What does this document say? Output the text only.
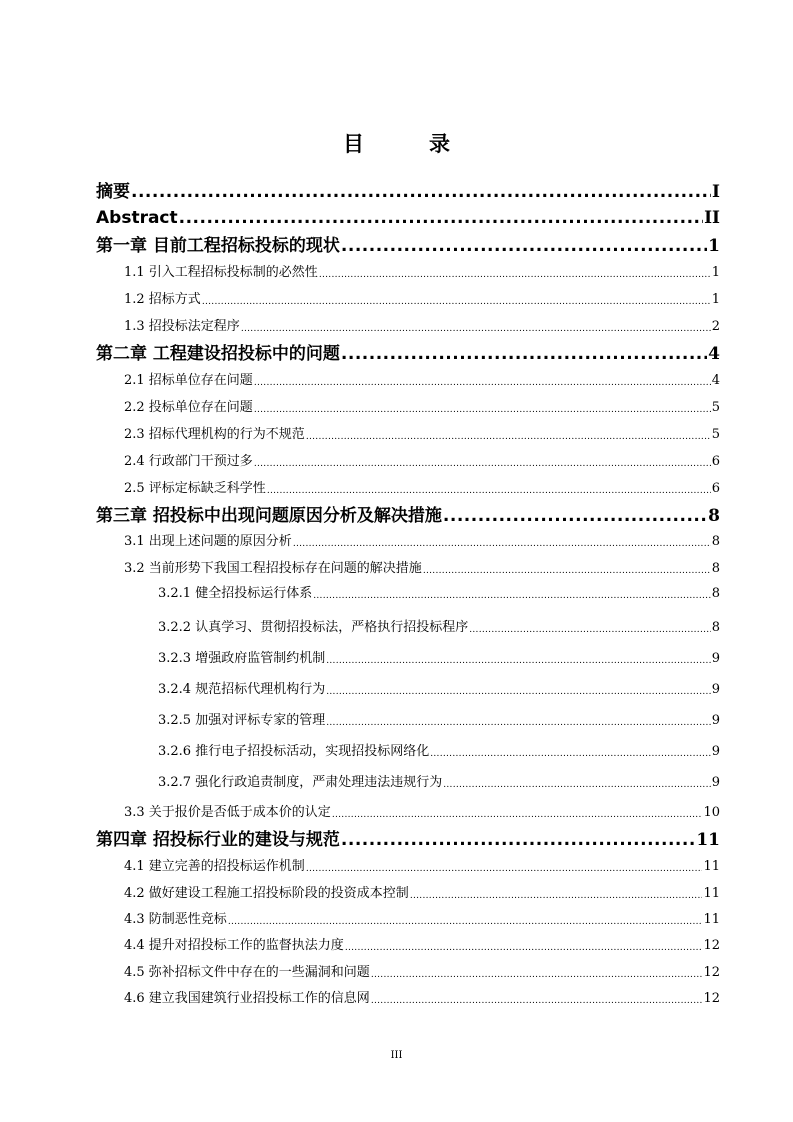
目　录
摘要 .....	I
Abstract .....	II
第一章 目前工程招标投标的现状 .....	1
1.1 引入工程招标投标制的必然性 .....	1
1.2 招标方式 .....	1
1.3 招投标法定程序 .....	2
第二章 工程建设招投标中的问题 .....	4
2.1 招标单位存在问题 .....	4
2.2 投标单位存在问题 .....	5
2.3 招标代理机构的行为不规范 .....	5
2.4 行政部门干预过多 .....	6
2.5 评标定标缺乏科学性 .....	6
第三章 招投标中出现问题原因分析及解决措施 .....	8
3.1 出现上述问题的原因分析 .....	8
3.2 当前形势下我国工程招投标存在问题的解决措施 .....	8
3.2.1 健全招投标运行体系 .....	8
3.2.2 认真学习、贯彻招投标法，严格执行招投标程序 .....	8
3.2.3 增强政府监管制约机制 .....	9
3.2.4 规范招标代理机构行为 .....	9
3.2.5 加强对评标专家的管理 .....	9
3.2.6 推行电子招投标活动，实现招投标网络化 .....	9
3.2.7 强化行政追责制度，严肃处理违法违规行为 .....	9
3.3 关于报价是否低于成本价的认定 .....	10
第四章 招投标行业的建设与规范 .....	11
4.1 建立完善的招投标运作机制 .....	11
4.2 做好建设工程施工招投标阶段的投资成本控制 .....	11
4.3 防制恶性竞标 .....	11
4.4 提升对招投标工作的监督执法力度 .....	12
4.5 弥补招标文件中存在的一些漏洞和问题 .....	12
4.6 建立我国建筑行业招投标工作的信息网 .....	12
III
